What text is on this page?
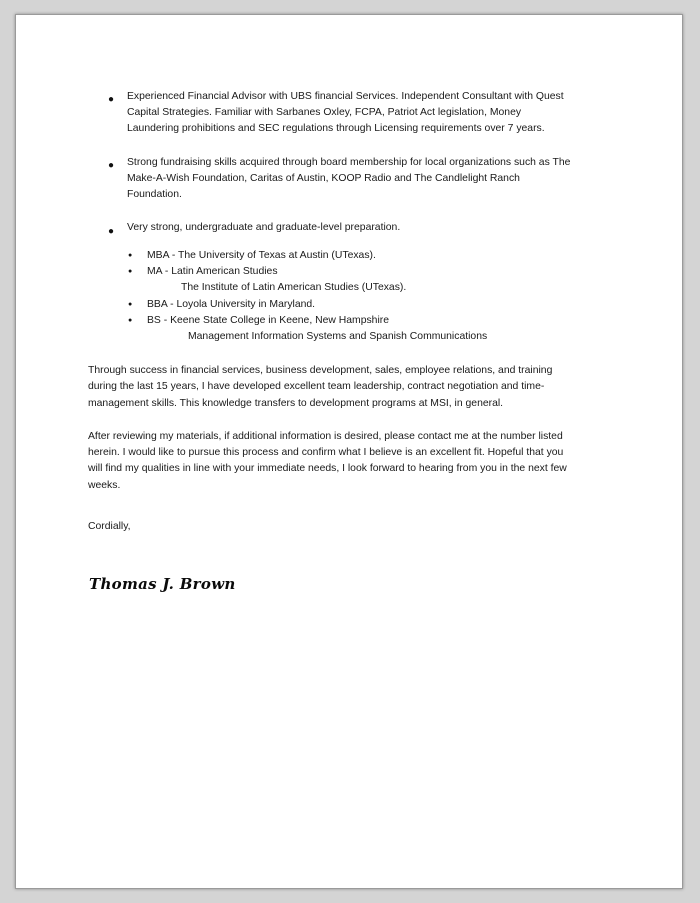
● Experienced Financial Advisor with UBS financial Services. Independent Consultant with Quest
Capital Strategies. Familiar with Sarbanes Oxley, FCPA, Patriot Act legislation, Money
Laundering prohibitions and SEC regulations through Licensing requirements over 7 years.
● Strong fundraising skills acquired through board membership for local organizations such as The
Make-A-Wish Foundation, Caritas of Austin, KOOP Radio and The Candlelight Ranch
Foundation.
● Very strong, undergraduate and graduate-level preparation.
● MBA - The University of Texas at Austin (UTexas).
● MA - Latin American Studies
The Institute of Latin American Studies (UTexas).
● BBA - Loyola University in Maryland.
● BS - Keene State College in Keene, New Hampshire
Management Information Systems and Spanish Communications
Through success in financial services, business development, sales, employee relations, and training
during the last 15 years, I have developed excellent team leadership, contract negotiation and time-
management skills. This knowledge transfers to development programs at MSI, in general.
After reviewing my materials, if additional information is desired, please contact me at the number listed
herein. I would like to pursue this process and confirm what I believe is an excellent fit. Hopeful that you
will find my qualities in line with your immediate needs, I look forward to hearing from you in the next few
weeks.
Cordially,
Thomas J. Brown
